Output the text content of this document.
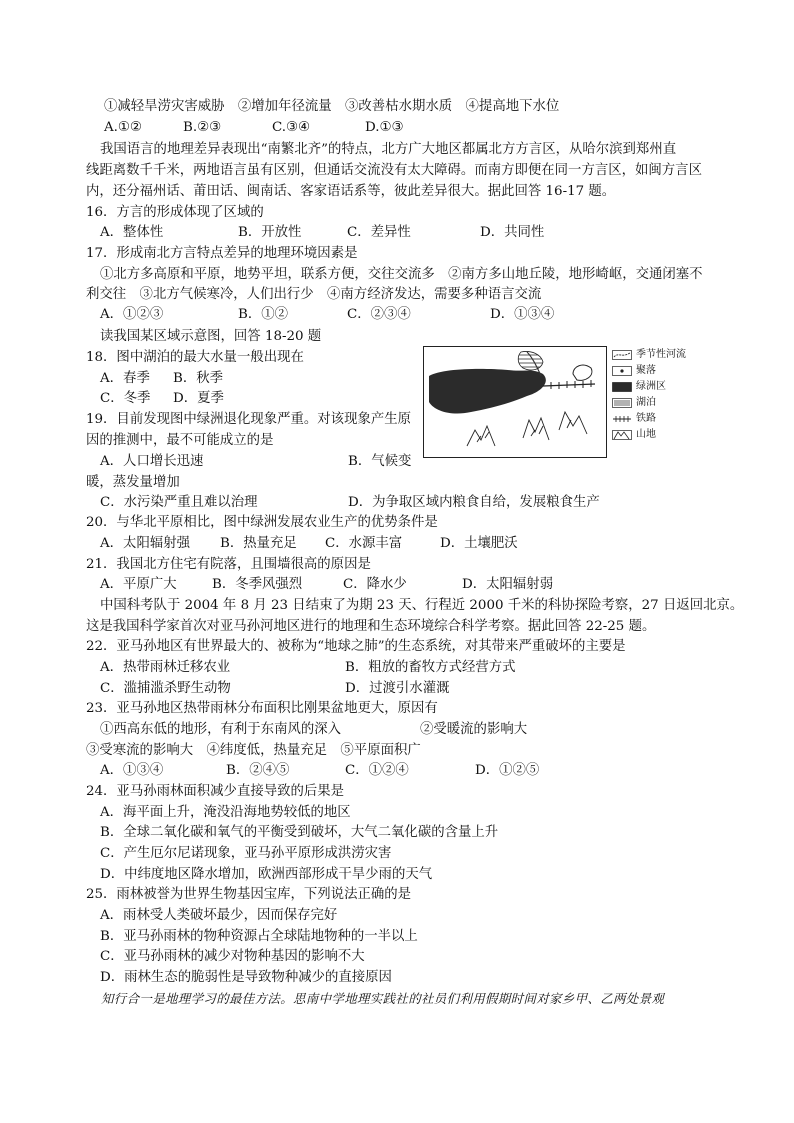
①减轻旱涝灾害威胁　②增加年径流量　③改善枯水期水质　④提高地下水位
A.①②	B.②③	C.③④	D.①③
我国语言的地理差异表现出“南繁北齐”的特点，北方广大地区都属北方方言区，从哈尔滨到郑州直
线距离数千千米，两地语言虽有区别，但通话交流没有太大障碍。而南方即便在同一方言区，如闽方言区
内，还分福州话、莆田话、闽南话、客家语话系等，彼此差异很大。据此回答 16-17 题。
16．方言的形成体现了区域的
A．整体性	B．开放性	C．差异性	D．共同性
17．形成南北方言特点差异的地理环境因素是
①北方多高原和平原，地势平坦，联系方便，交往交流多　②南方多山地丘陵，地形崎岖，交通闭塞不
利交往　③北方气候寒冷，人们出行少　④南方经济发达，需要多种语言交流
A．①②③	B．①②	C．②③④	D．①③④
读我国某区域示意图，回答 18-20 题
18．图中湖泊的最大水量一般出现在
A．春季 B．秋季
C．冬季 D．夏季
19．目前发现图中绿洲退化现象严重。对该现象产生原
因的推测中，最不可能成立的是
A．人口增长迅速	B．气候变
暖，蒸发量增加
C．水污染严重且难以治理	D．为争取区域内粮食自给，发展粮食生产
20．与华北平原相比，图中绿洲发展农业生产的优势条件是
A．太阳辐射强 B．热量充足 C．水源丰富	D．土壤肥沃
21．我国北方住宅有院落，且围墙很高的原因是
A．平原广大	B．冬季风强烈	C．降水少	D．太阳辐射弱
中国科考队于 2004 年 8 月 23 日结束了为期 23 天、行程近 2000 千米的科协探险考察，27 日返回北京。
这是我国科学家首次对亚马孙河地区进行的地理和生态环境综合科学考察。据此回答 22-25 题。
22．亚马孙地区有世界最大的、被称为“地球之肺”的生态系统，对其带来严重破坏的主要是
A．热带雨林迁移农业	B．粗放的畜牧方式经营方式
C．滥捕滥杀野生动物	D．过渡引水灌溉
23．亚马孙地区热带雨林分布面积比刚果盆地更大，原因有
①西高东低的地形，有利于东南风的深入	②受暖流的影响大
③受寒流的影响大　④纬度低，热量充足　⑤平原面积广
A．①③④	B．②④⑤	C．①②④	D．①②⑤
24．亚马孙雨林面积减少直接导致的后果是
A．海平面上升，淹没沿海地势较低的地区
B．全球二氧化碳和氧气的平衡受到破坏，大气二氧化碳的含量上升
C．产生厄尔尼诺现象，亚马孙平原形成洪涝灾害
D．中纬度地区降水增加，欧洲西部形成干旱少雨的天气
25．雨林被誉为世界生物基因宝库，下列说法正确的是
A．雨林受人类破坏最少，因而保存完好
B．亚马孙雨林的物种资源占全球陆地物种的一半以上
C．亚马孙雨林的减少对物种基因的影响不大
D．雨林生态的脆弱性是导致物种减少的直接原因
知行合一是地理学习的最佳方法。思南中学地理实践社的社员们利用假期时间对家乡甲、乙两处景观
季节性河流
聚落
绿洲区
湖泊
铁路
山地
